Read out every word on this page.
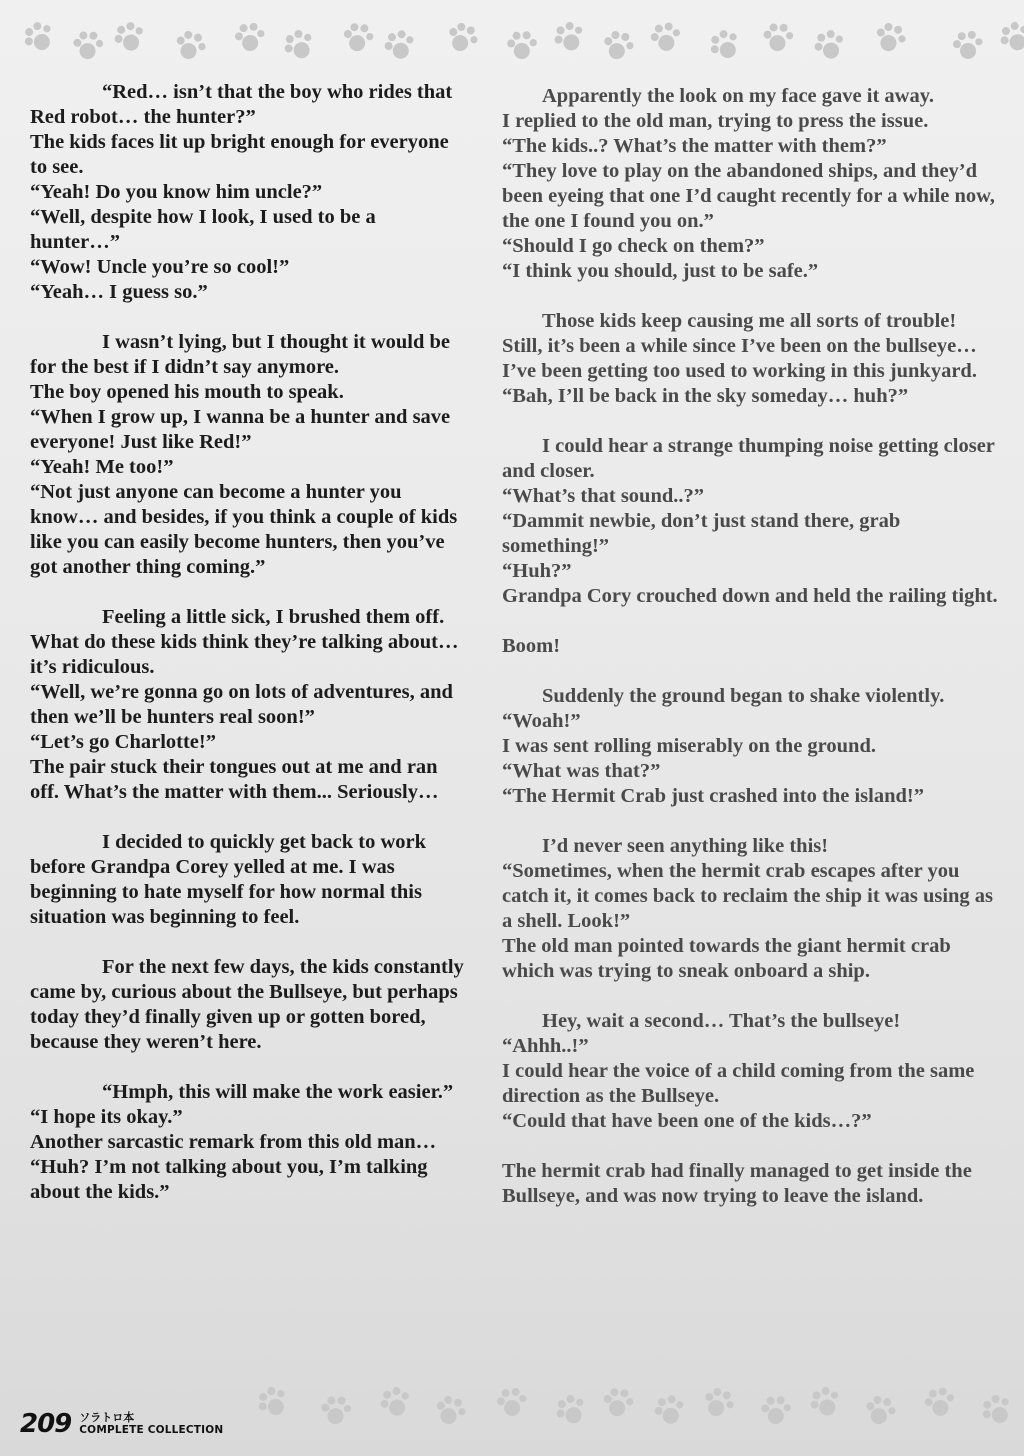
“Red… isn’t that the boy who rides that Red robot… the hunter?”

The kids faces lit up bright enough for everyone to see.

“Yeah! Do you know him uncle?”

“Well, despite how I look, I used to be a hunter…”

“Wow! Uncle you’re so cool!”

“Yeah… I guess so.”

I wasn’t lying, but I thought it would be for the best if I didn’t say anymore.

The boy opened his mouth to speak.

“When I grow up, I wanna be a hunter and save everyone! Just like Red!”

“Yeah! Me too!”

“Not just anyone can become a hunter you know… and besides, if you think a couple of kids like you can easily become hunters, then you’ve got another thing coming.”

Feeling a little sick, I brushed them off.

What do these kids think they’re talking about… it’s ridiculous.

“Well, we’re gonna go on lots of adventures, and then we’ll be hunters real soon!”

“Let’s go Charlotte!”

The pair stuck their tongues out at me and ran off. What’s the matter with them... Seriously…

I decided to quickly get back to work before Grandpa Corey yelled at me. I was beginning to hate myself for how normal this situation was beginning to feel.

For the next few days, the kids constantly came by, curious about the Bullseye, but perhaps today they’d finally given up or gotten bored, because they weren’t here.

“Hmph, this will make the work easier.”

“I hope its okay.”

Another sarcastic remark from this old man…

“Huh? I’m not talking about you, I’m talking about the kids.”

Apparently the look on my face gave it away.

I replied to the old man, trying to press the issue.

“The kids..? What’s the matter with them?”

“They love to play on the abandoned ships, and they’d been eyeing that one I’d caught recently for a while now, the one I found you on.”

“Should I go check on them?”

“I think you should, just to be safe.”

Those kids keep causing me all sorts of trouble!

Still, it’s been a while since I’ve been on the bullseye… I’ve been getting too used to working in this junkyard.

“Bah, I’ll be back in the sky someday… huh?”

I could hear a strange thumping noise getting closer and closer.

“What’s that sound..?”

“Dammit newbie, don’t just stand there, grab something!”

“Huh?”

Grandpa Cory crouched down and held the railing tight.

Boom!

Suddenly the ground began to shake violently.

“Woah!”

I was sent rolling miserably on the ground.

“What was that?”

“The Hermit Crab just crashed into the island!”

I’d never seen anything like this!

“Sometimes, when the hermit crab escapes after you catch it, it comes back to reclaim the ship it was using as a shell. Look!”

The old man pointed towards the giant hermit crab which was trying to sneak onboard a ship.

Hey, wait a second… That’s the bullseye!

“Ahhh..!”

I could hear the voice of a child coming from the same direction as the Bullseye.

“Could that have been one of the kids…?”

The hermit crab had finally managed to get inside the Bullseye, and was now trying to leave the island.

209 ソラトロ本
COMPLETE COLLECTION
